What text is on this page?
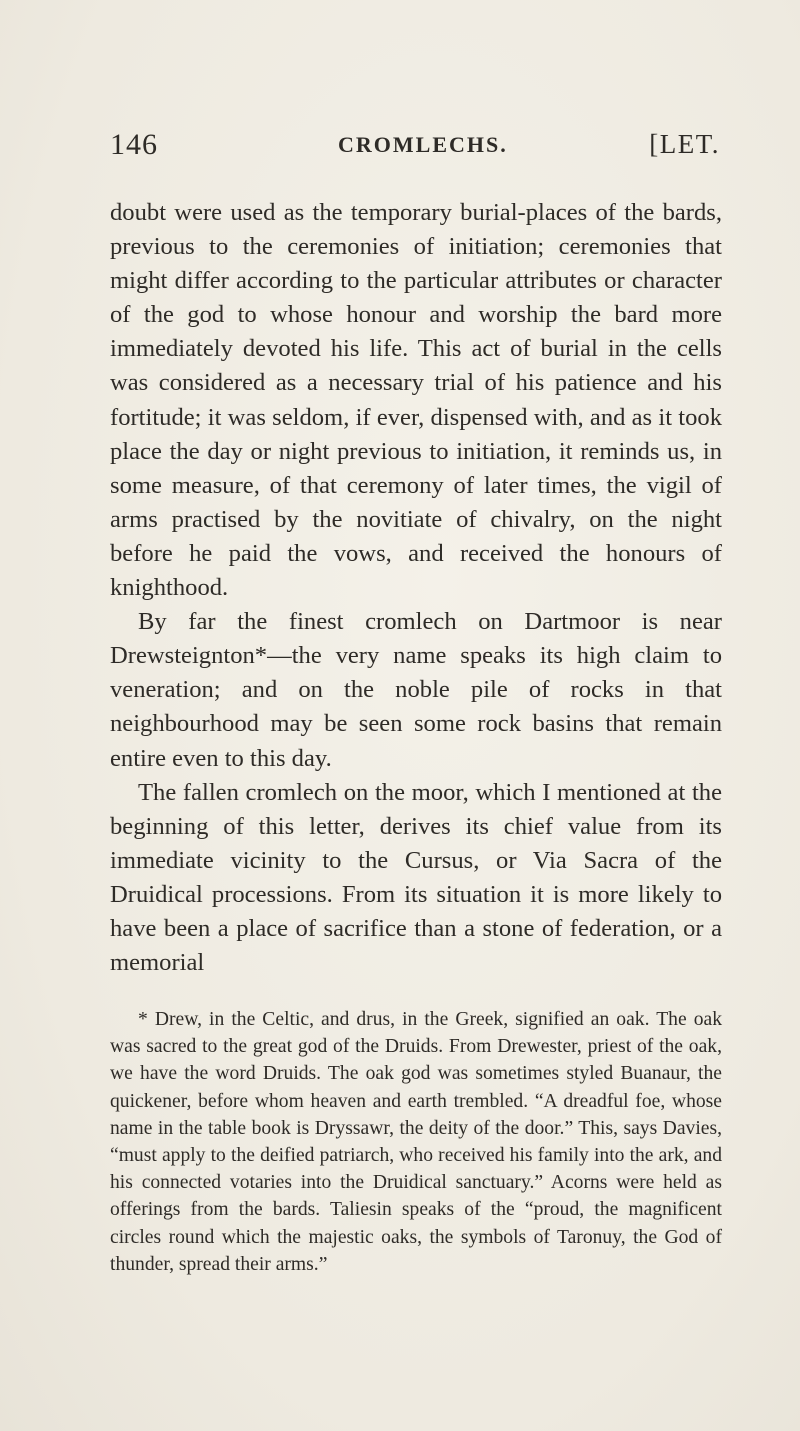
146	CROMLECHS.	[LET.

doubt were used as the temporary burial-places of the bards, previous to the ceremonies of initiation; ceremonies that might differ according to the particular attributes or character of the god to whose honour and worship the bard more immediately devoted his life. This act of burial in the cells was considered as a necessary trial of his patience and his fortitude; it was seldom, if ever, dispensed with, and as it took place the day or night previous to initiation, it reminds us, in some measure, of that ceremony of later times, the vigil of arms practised by the novitiate of chivalry, on the night before he paid the vows, and received the honours of knighthood.

By far the finest cromlech on Dartmoor is near Drewsteignton*—the very name speaks its high claim to veneration; and on the noble pile of rocks in that neighbourhood may be seen some rock basins that remain entire even to this day.

The fallen cromlech on the moor, which I mentioned at the beginning of this letter, derives its chief value from its immediate vicinity to the Cursus, or Via Sacra of the Druidical processions. From its situation it is more likely to have been a place of sacrifice than a stone of federation, or a memorial

* Drew, in the Celtic, and drus, in the Greek, signified an oak. The oak was sacred to the great god of the Druids. From Drewester, priest of the oak, we have the word Druids. The oak god was sometimes styled Buanaur, the quickener, before whom heaven and earth trembled. “A dreadful foe, whose name in the table book is Dryssawr, the deity of the door.” This, says Davies, “must apply to the deified patriarch, who received his family into the ark, and his connected votaries into the Druidical sanctuary.” Acorns were held as offerings from the bards. Taliesin speaks of the “proud, the magnificent circles round which the majestic oaks, the symbols of Taronuy, the God of thunder, spread their arms.”
